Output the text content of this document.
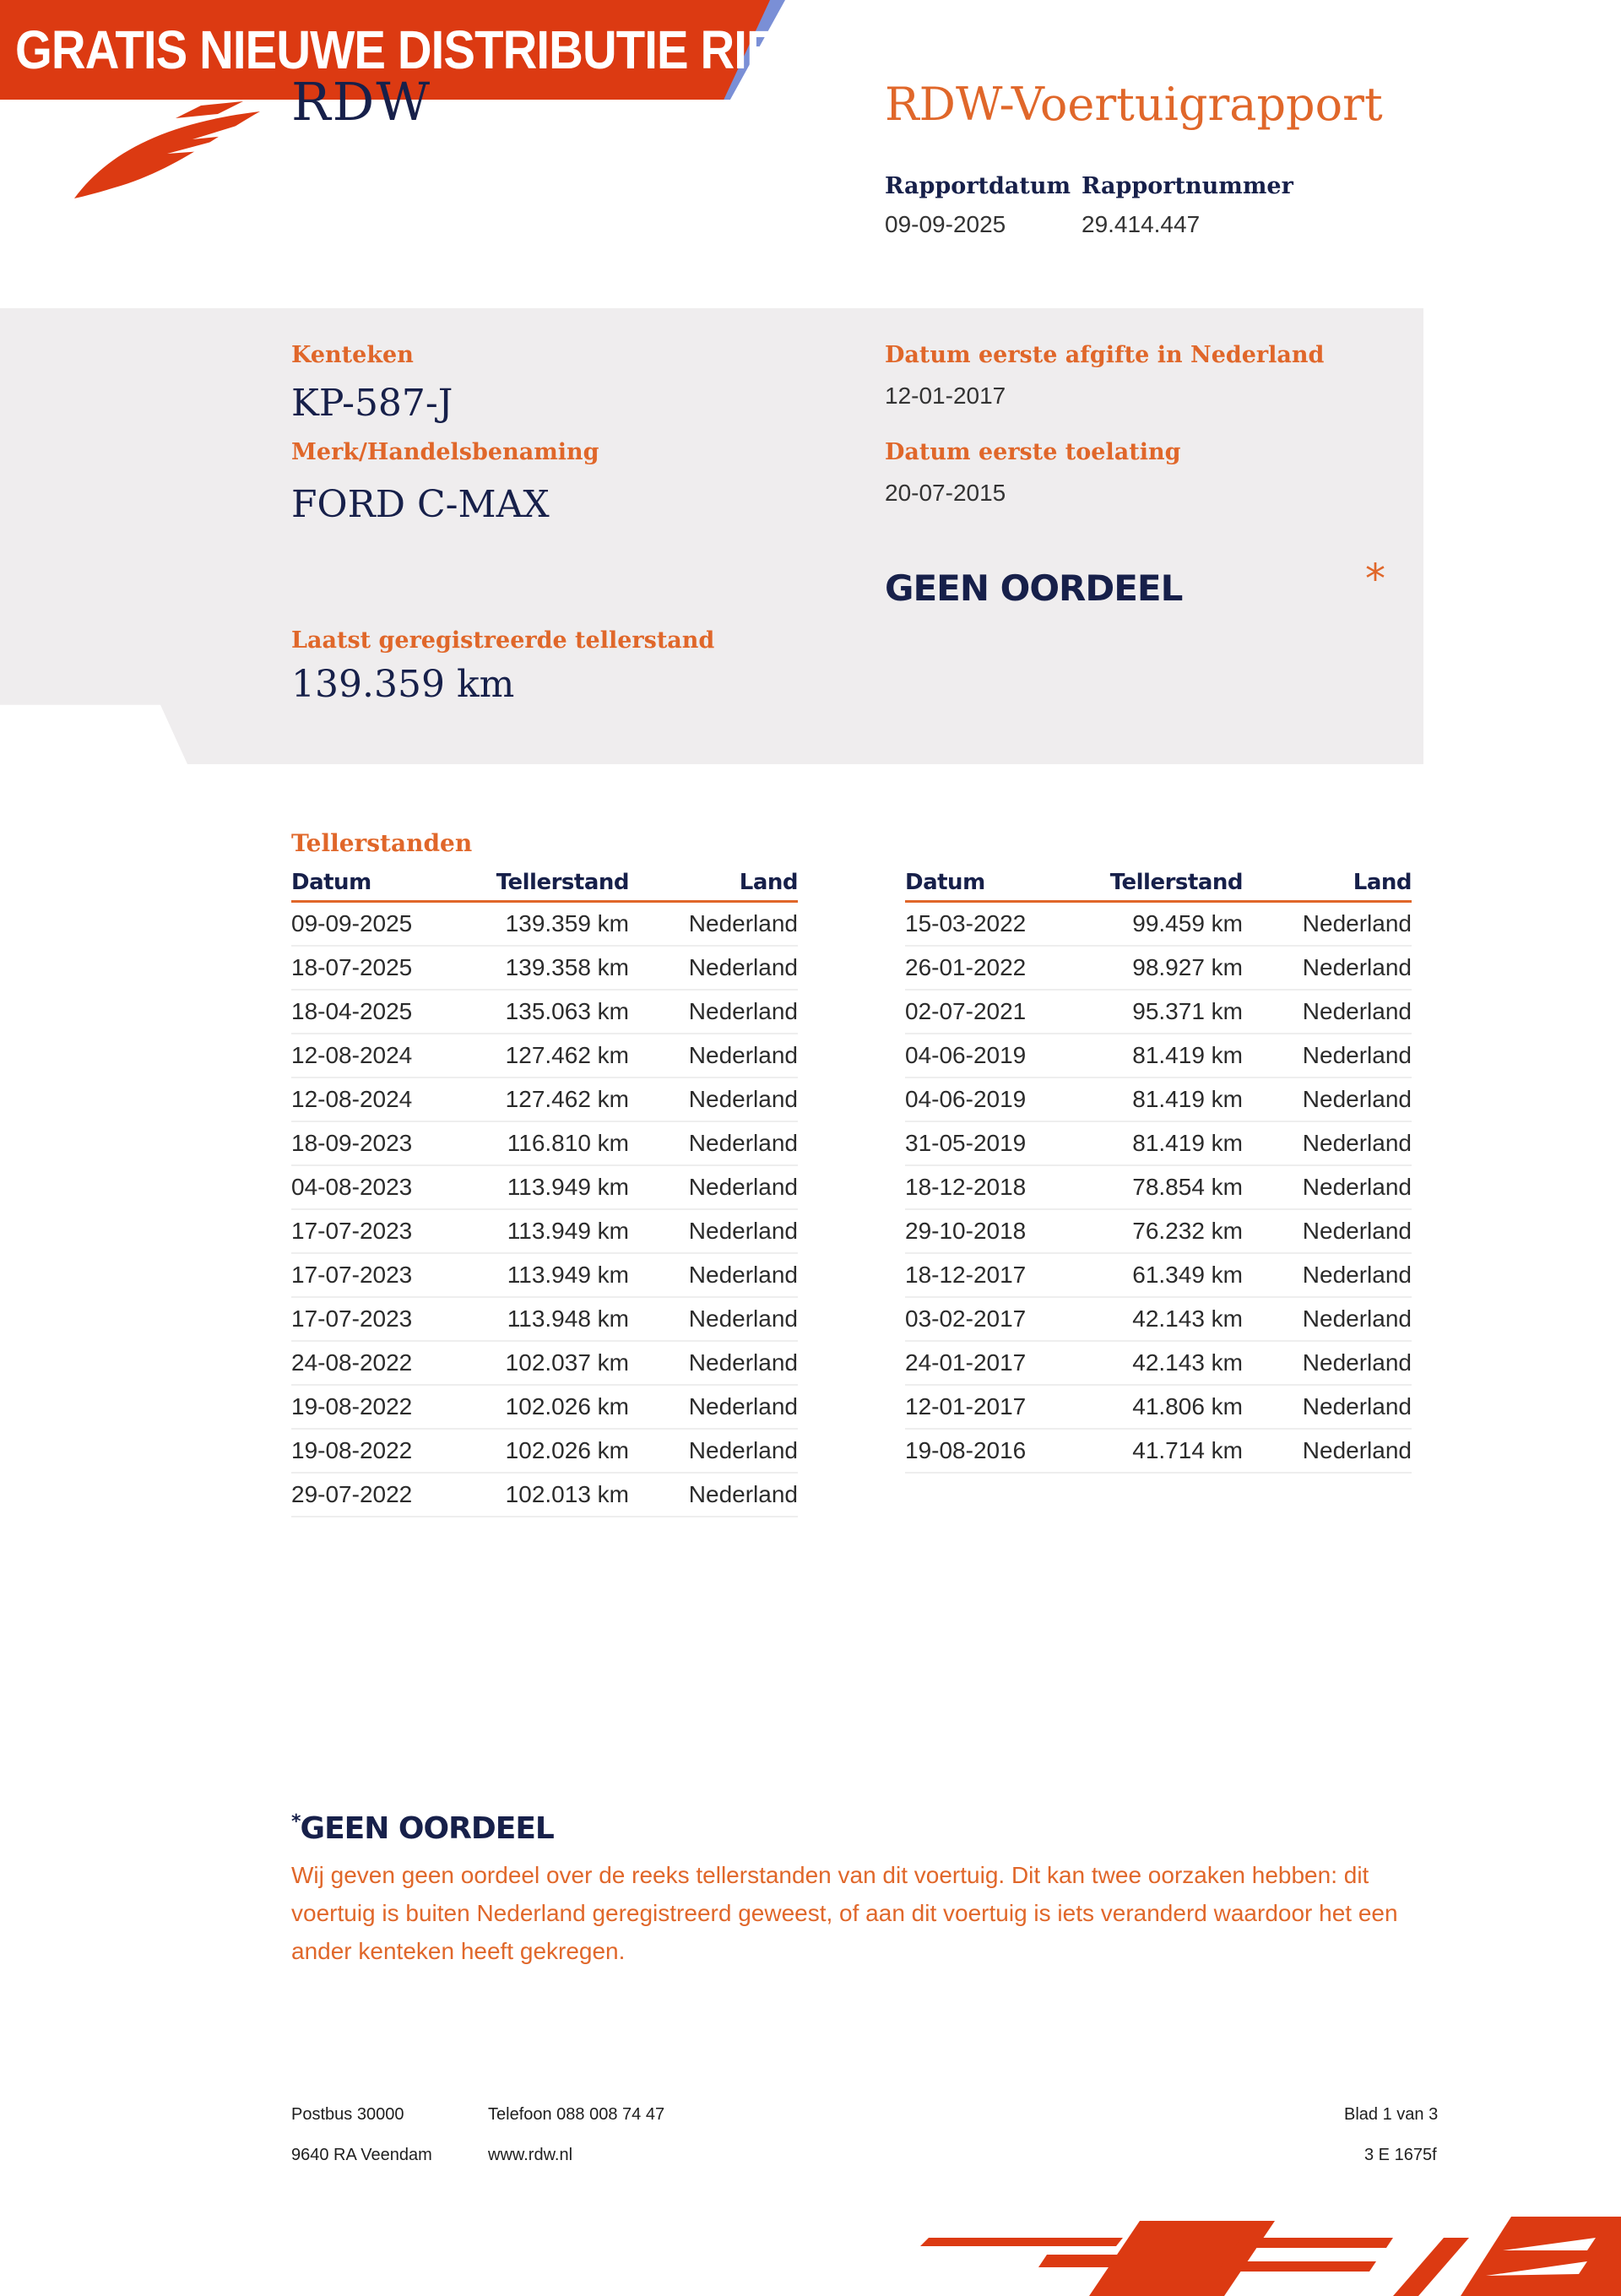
GRATIS NIEUWE DISTRIBUTIE RIEM
RDW	RDW-Voertuigrapport
Rapportdatum
09-09-2025
Rapportnummer
29.414.447
Kenteken
KP-587-J
Merk/Handelsbenaming
FORD C-MAX
Laatst geregistreerde tellerstand
139.359 km
Datum eerste afgifte in Nederland
12-01-2017
Datum eerste toelating
20-07-2015
GEEN OORDEEL	*
Tellerstanden
Datum	Tellerstand	Land
09-09-2025	139.359 km	Nederland
18-07-2025	139.358 km	Nederland
18-04-2025	135.063 km	Nederland
12-08-2024	127.462 km	Nederland
12-08-2024	127.462 km	Nederland
18-09-2023	116.810 km	Nederland
04-08-2023	113.949 km	Nederland
17-07-2023	113.949 km	Nederland
17-07-2023	113.949 km	Nederland
17-07-2023	113.948 km	Nederland
24-08-2022	102.037 km	Nederland
19-08-2022	102.026 km	Nederland
19-08-2022	102.026 km	Nederland
29-07-2022	102.013 km	Nederland
Datum	Tellerstand	Land
15-03-2022	99.459 km	Nederland
26-01-2022	98.927 km	Nederland
02-07-2021	95.371 km	Nederland
04-06-2019	81.419 km	Nederland
04-06-2019	81.419 km	Nederland
31-05-2019	81.419 km	Nederland
18-12-2018	78.854 km	Nederland
29-10-2018	76.232 km	Nederland
18-12-2017	61.349 km	Nederland
03-02-2017	42.143 km	Nederland
24-01-2017	42.143 km	Nederland
12-01-2017	41.806 km	Nederland
19-08-2016	41.714 km	Nederland
*GEEN OORDEEL
Wij geven geen oordeel over de reeks tellerstanden van dit voertuig. Dit kan twee oorzaken hebben: dit voertuig is buiten Nederland geregistreerd geweest, of aan dit voertuig is iets veranderd waardoor het een ander kenteken heeft gekregen.
Postbus 30000
9640 RA Veendam
Telefoon 088 008 74 47
www.rdw.nl
Blad 1 van 3
3 E 1675f
